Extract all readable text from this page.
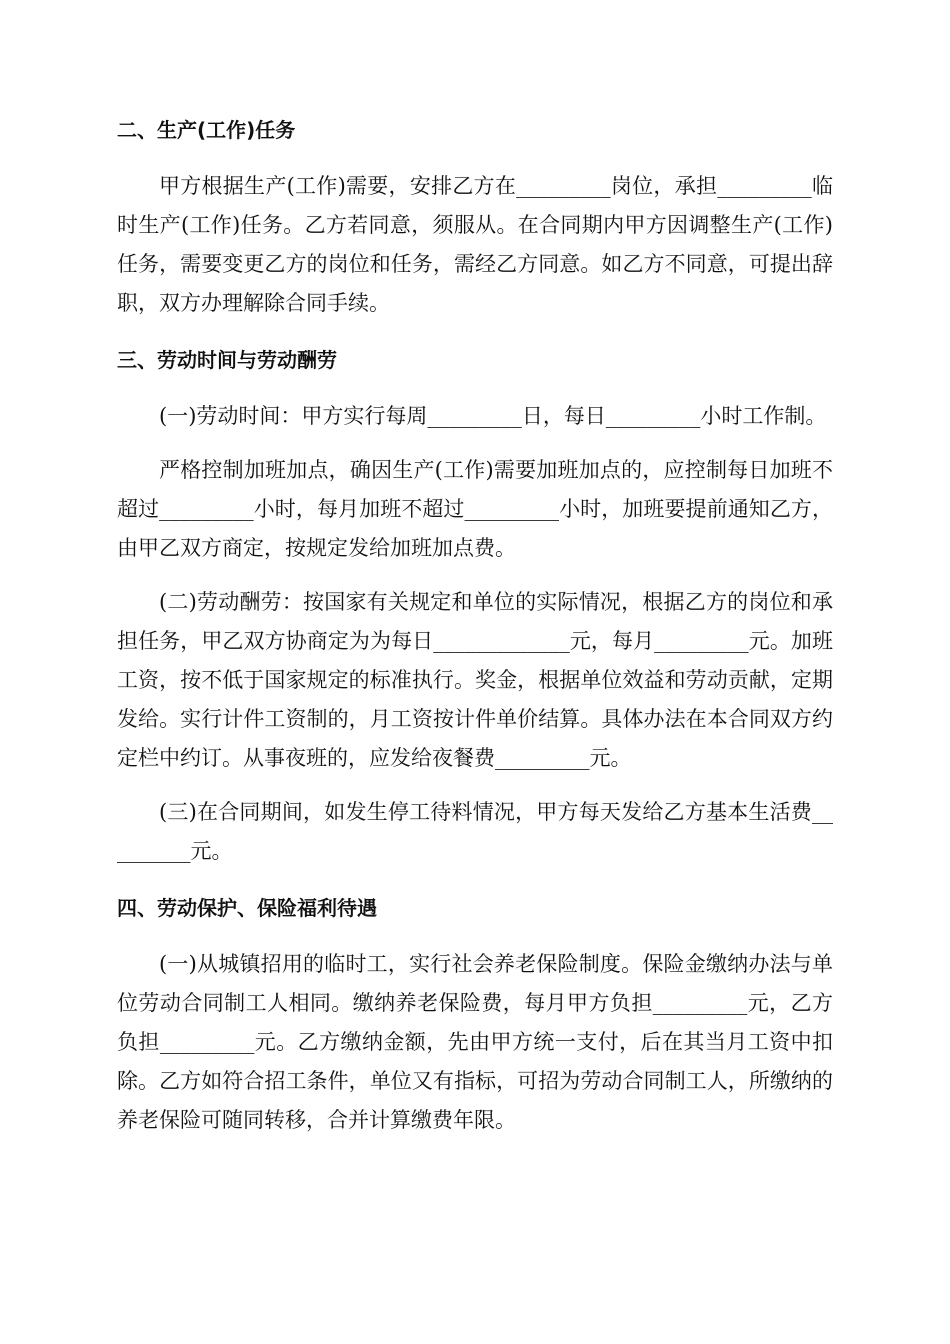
二、生产(工作)任务
甲方根据生产(工作)需要，安排乙方在_________岗位，承担_________临时生产(工作)任务。乙方若同意，须服从。在合同期内甲方因调整生产(工作)任务，需要变更乙方的岗位和任务，需经乙方同意。如乙方不同意，可提出辞职，双方办理解除合同手续。
三、劳动时间与劳动酬劳
(一)劳动时间：甲方实行每周_________日，每日_________小时工作制。
严格控制加班加点，确因生产(工作)需要加班加点的，应控制每日加班不超过_________小时，每月加班不超过_________小时，加班要提前通知乙方，由甲乙双方商定，按规定发给加班加点费。
(二)劳动酬劳：按国家有关规定和单位的实际情况，根据乙方的岗位和承担任务，甲乙双方协商定为为每日_____________元，每月_________元。加班工资，按不低于国家规定的标准执行。奖金，根据单位效益和劳动贡献，定期发给。实行计件工资制的，月工资按计件单价结算。具体办法在本合同双方约定栏中约订。从事夜班的，应发给夜餐费_________元。
(三)在合同期间，如发生停工待料情况，甲方每天发给乙方基本生活费_________元。
四、劳动保护、保险福利待遇
(一)从城镇招用的临时工，实行社会养老保险制度。保险金缴纳办法与单位劳动合同制工人相同。缴纳养老保险费，每月甲方负担_________元，乙方负担_________元。乙方缴纳金额，先由甲方统一支付，后在其当月工资中扣除。乙方如符合招工条件，单位又有指标，可招为劳动合同制工人，所缴纳的养老保险可随同转移，合并计算缴费年限。
